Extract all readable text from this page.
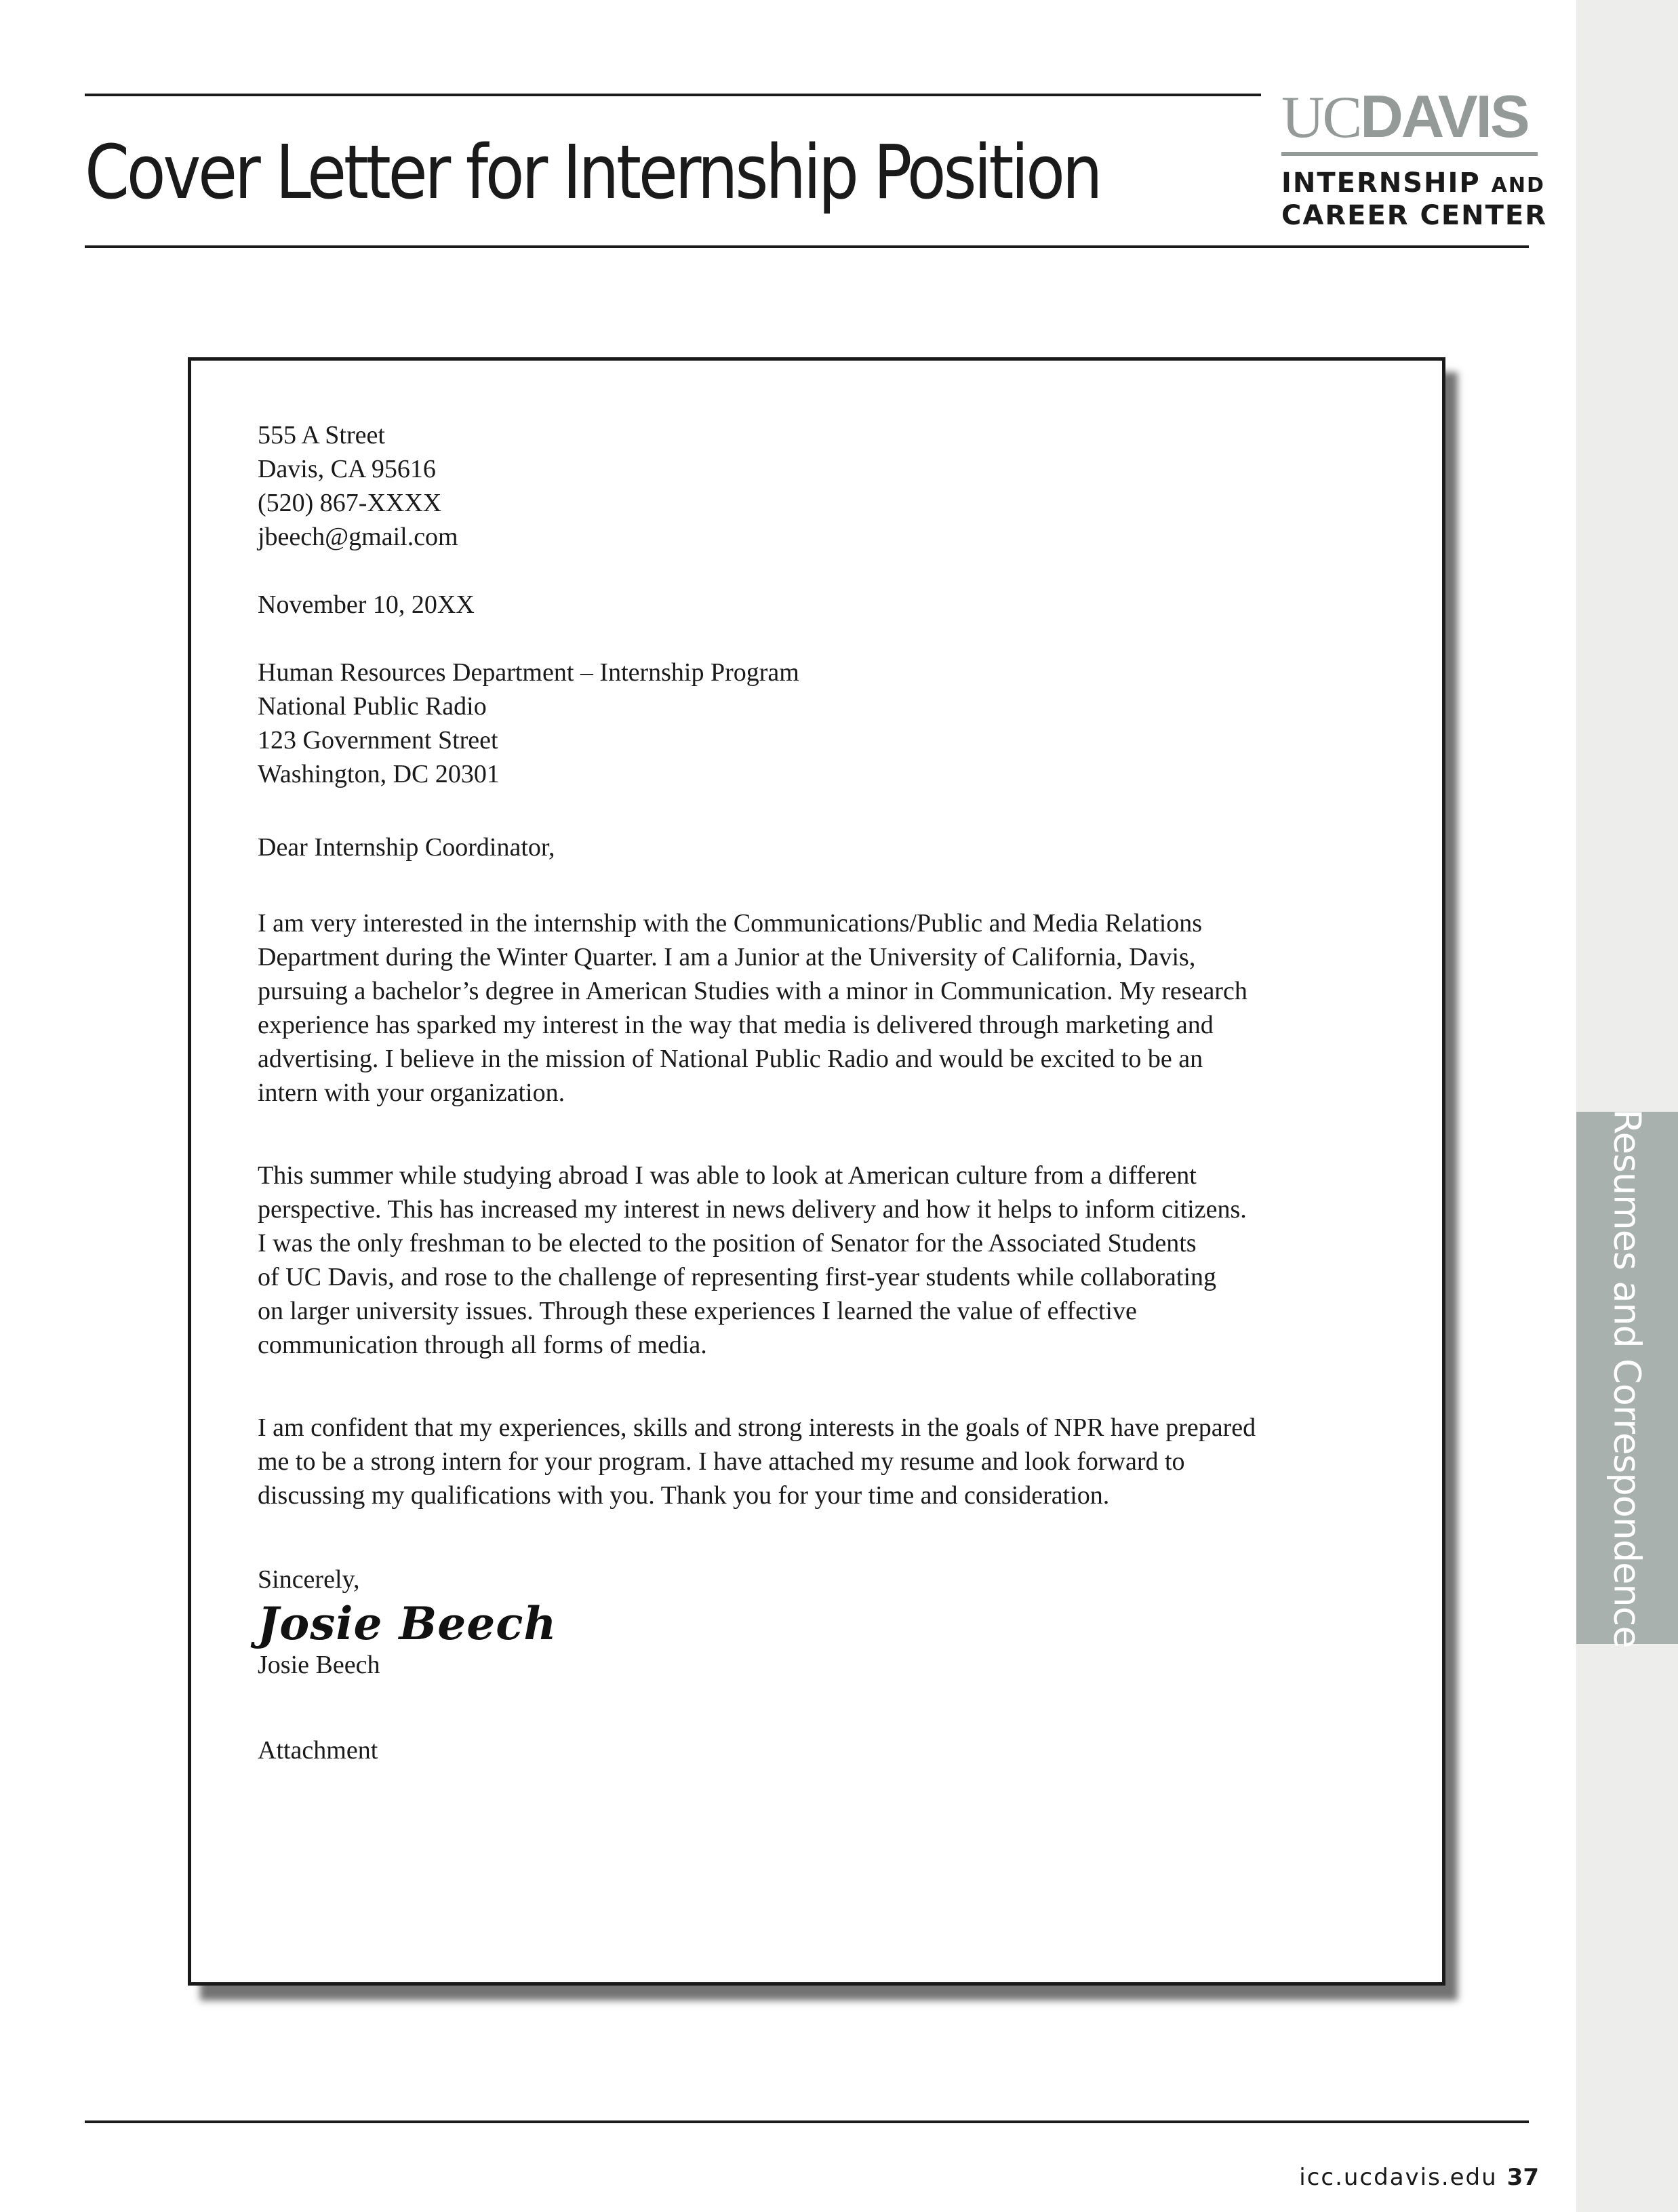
Resumes and Correspondence
Cover Letter for Internship Position
UCDAVIS
INTERNSHIP AND
CAREER CENTER

555 A Street
Davis, CA 95616
(520) 867-XXXX
jbeech@gmail.com

November 10, 20XX

Human Resources Department – Internship Program
National Public Radio
123 Government Street
Washington, DC 20301

Dear Internship Coordinator,

I am very interested in the internship with the Communications/Public and Media Relations
Department during the Winter Quarter. I am a Junior at the University of California, Davis,
pursuing a bachelor’s degree in American Studies with a minor in Communication. My research
experience has sparked my interest in the way that media is delivered through marketing and
advertising. I believe in the mission of National Public Radio and would be excited to be an
intern with your organization.

This summer while studying abroad I was able to look at American culture from a different
perspective. This has increased my interest in news delivery and how it helps to inform citizens.
I was the only freshman to be elected to the position of Senator for the Associated Students
of UC Davis, and rose to the challenge of representing first-year students while collaborating
on larger university issues. Through these experiences I learned the value of effective
communication through all forms of media.

I am confident that my experiences, skills and strong interests in the goals of NPR have prepared
me to be a strong intern for your program. I have attached my resume and look forward to
discussing my qualifications with you. Thank you for your time and consideration.

Sincerely,

Josie Beech

Josie Beech

Attachment

icc.ucdavis.edu 37
